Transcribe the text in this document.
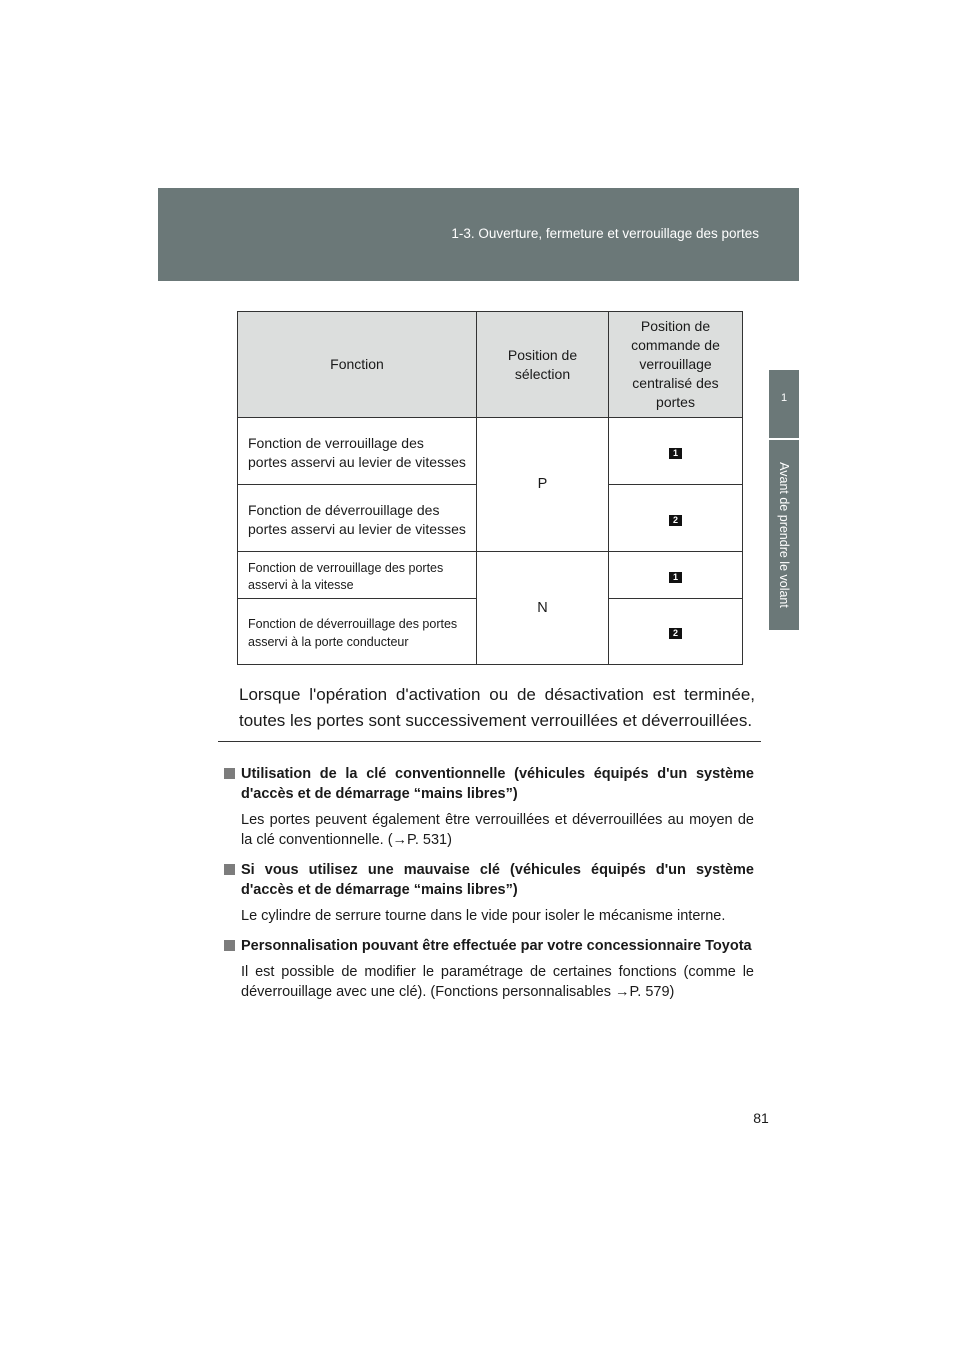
1-3. Ouverture, fermeture et verrouillage des portes
1
Avant de prendre le volant
Fonction	Position de sélection	Position de commande de verrouillage centralisé des portes

Fonction de verrouillage des portes asservi au levier de vitesses	P	1
Fonction de déverrouillage des portes asservi au levier de vitesses		2
Fonction de verrouillage des portes asservi à la vitesse	N	1
Fonction de déverrouillage des portes asservi à la porte conducteur		2

Lorsque l'opération d'activation ou de désactivation est terminée, toutes les portes sont successivement verrouillées et déverrouillées.

Utilisation de la clé conventionnelle (véhicules équipés d'un système d'accès et de démarrage “mains libres”)

Les portes peuvent également être verrouillées et déverrouillées au moyen de la clé conventionnelle. (→P. 531)

Si vous utilisez une mauvaise clé (véhicules équipés d'un système d'accès et de démarrage “mains libres”)

Le cylindre de serrure tourne dans le vide pour isoler le mécanisme interne.

Personnalisation pouvant être effectuée par votre concessionnaire Toyota

Il est possible de modifier le paramétrage de certaines fonctions (comme le déverrouillage avec une clé). (Fonctions personnalisables →P. 579)

81
